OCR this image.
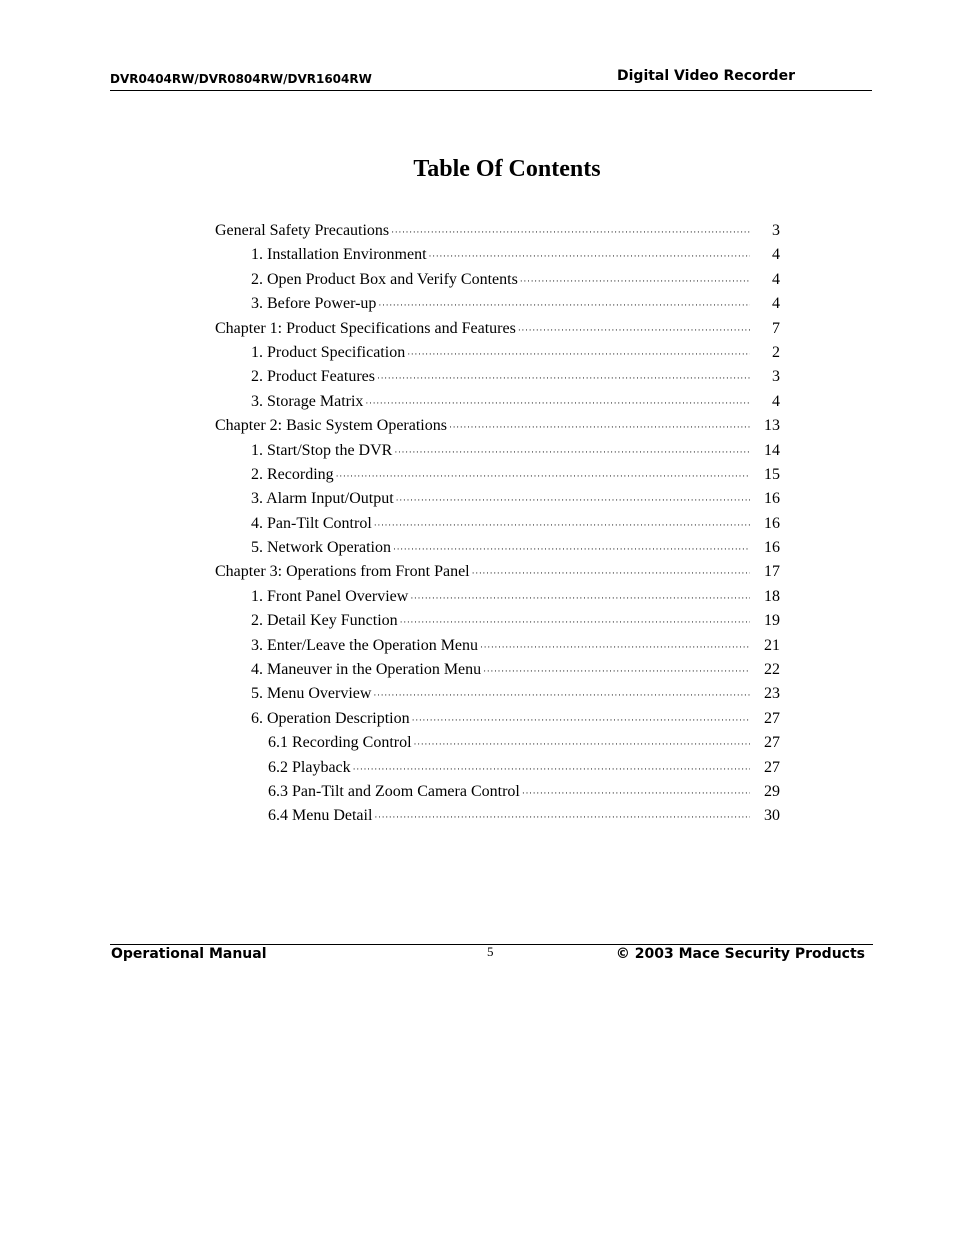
DVR0404RW/DVR0804RW/DVR1604RW	Digital Video Recorder
Table Of Contents
General Safety Precautions ·····	3
1. Installation Environment ·····	4
2. Open Product Box and Verify Contents ·····	4
3. Before Power-up ·····	4
Chapter 1: Product Specifications and Features ·····	7
1. Product Specification ·····	2
2. Product Features ·····	3
3. Storage Matrix ·····	4
Chapter 2: Basic System Operations ·····	13
1. Start/Stop the DVR ·····	14
2. Recording ·····	15
3. Alarm Input/Output ·····	16
4. Pan-Tilt Control ·····	16
5. Network Operation ·····	16
Chapter 3: Operations from Front Panel ·····	17
1. Front Panel Overview ·····	18
2. Detail Key Function ·····	19
3. Enter/Leave the Operation Menu ·····	21
4. Maneuver in the Operation Menu ·····	22
5. Menu Overview ·····	23
6. Operation Description ·····	27
6.1 Recording Control ·····	27
6.2 Playback ·····	27
6.3 Pan-Tilt and Zoom Camera Control ·····	29
6.4 Menu Detail ·····	30
Operational Manual	5	© 2003 Mace Security Products
